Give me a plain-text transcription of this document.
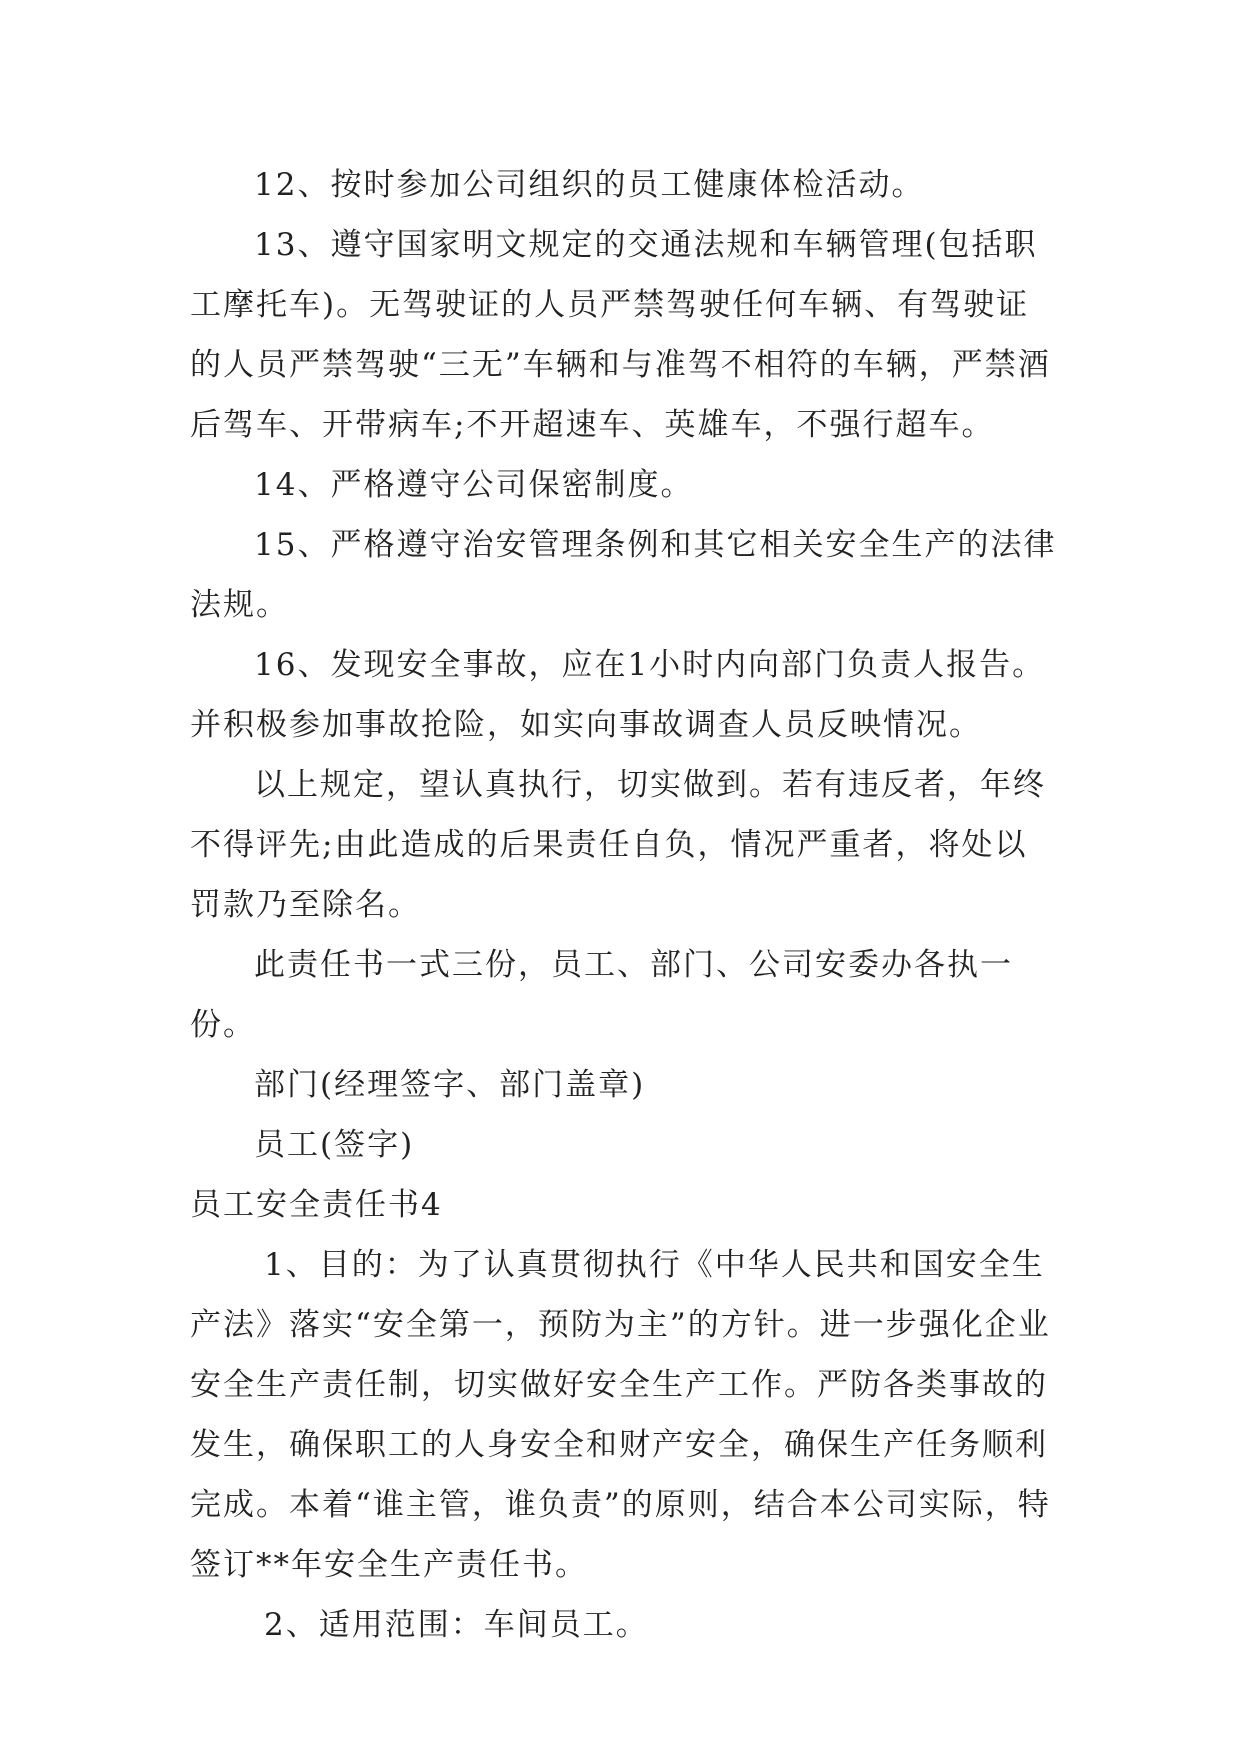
12、按时参加公司组织的员工健康体检活动。

13、遵守国家明文规定的交通法规和车辆管理(包括职工摩托车)。无驾驶证的人员严禁驾驶任何车辆、有驾驶证的人员严禁驾驶“三无”车辆和与准驾不相符的车辆，严禁酒后驾车、开带病车;不开超速车、英雄车，不强行超车。

14、严格遵守公司保密制度。

15、严格遵守治安管理条例和其它相关安全生产的法律法规。

16、发现安全事故，应在1小时内向部门负责人报告。并积极参加事故抢险，如实向事故调查人员反映情况。

以上规定，望认真执行，切实做到。若有违反者，年终不得评先;由此造成的后果责任自负，情况严重者，将处以罚款乃至除名。

此责任书一式三份，员工、部门、公司安委办各执一份。

部门(经理签字、部门盖章)

员工(签字)

员工安全责任书4

1、目的：为了认真贯彻执行《中华人民共和国安全生产法》落实“安全第一，预防为主”的方针。进一步强化企业安全生产责任制，切实做好安全生产工作。严防各类事故的发生，确保职工的人身安全和财产安全，确保生产任务顺利完成。本着“谁主管，谁负责”的原则，结合本公司实际，特签订**年安全生产责任书。

2、适用范围：车间员工。
